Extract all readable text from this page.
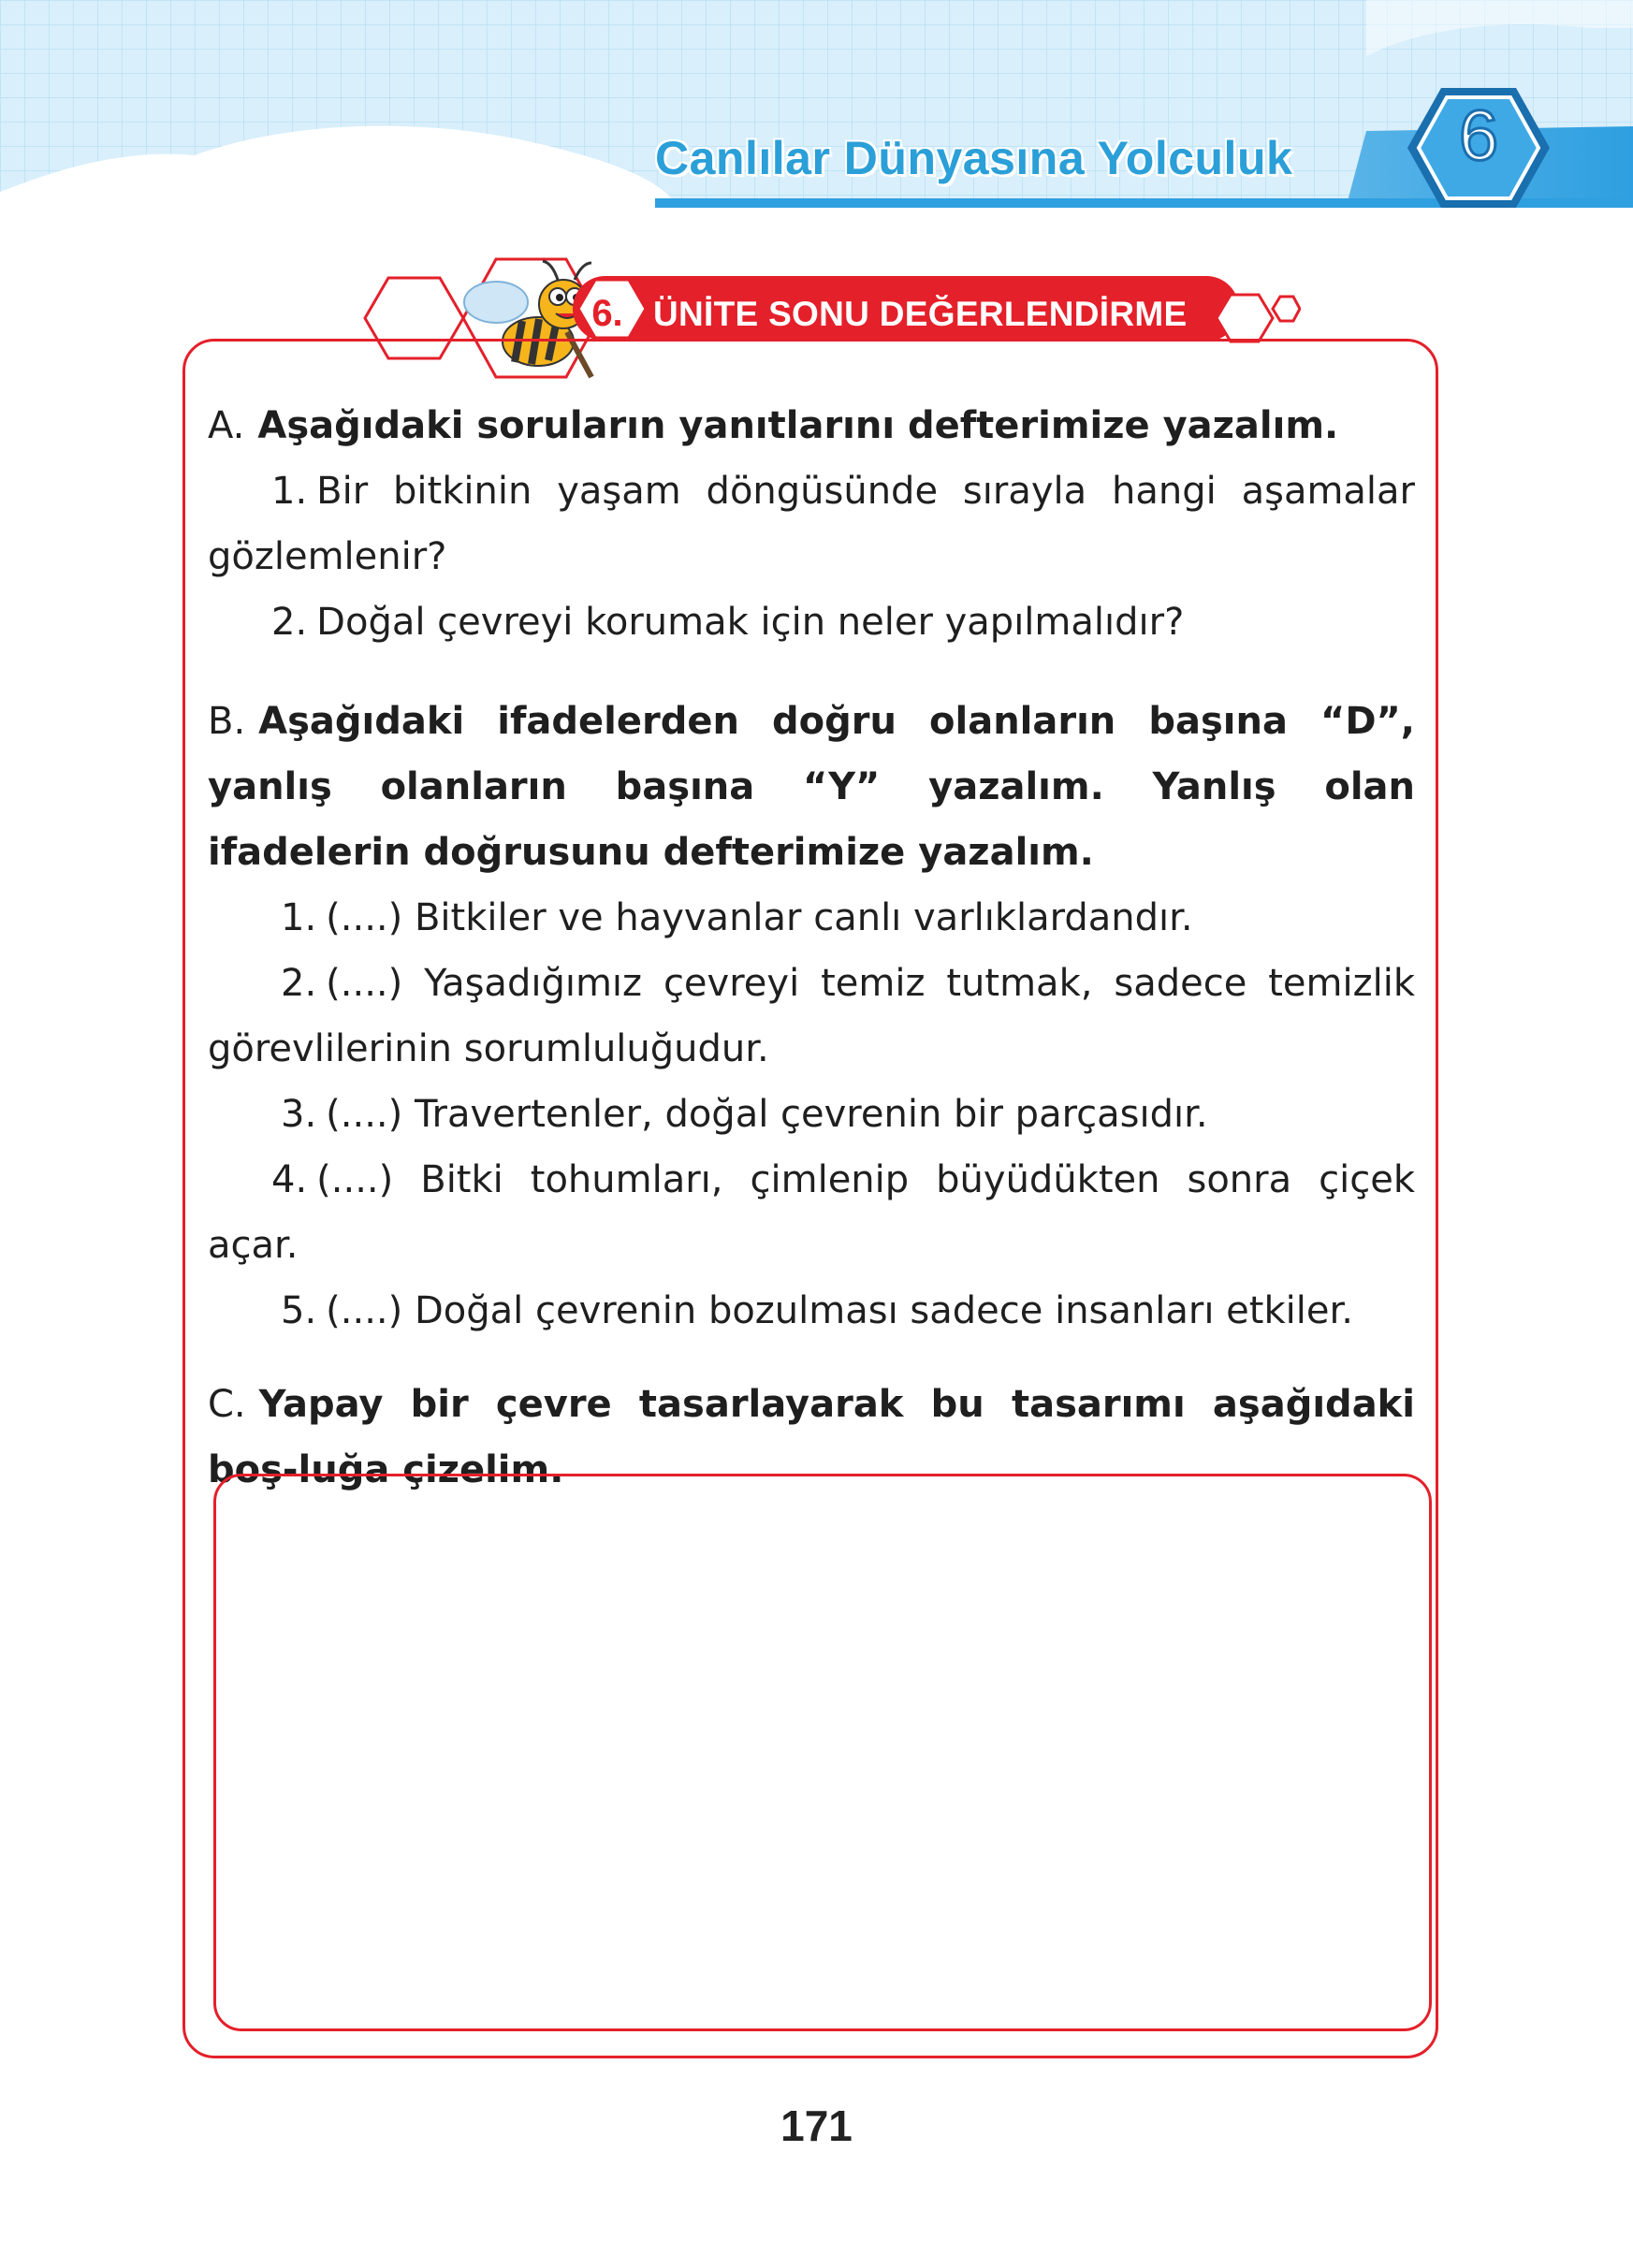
Canlılar Dünyasına Yolculuk	6
6. ÜNİTE SONU DEĞERLENDİRME

A. Aşağıdaki soruların yanıtlarını defterimize yazalım.

1. Bir bitkinin yaşam döngüsünde sırayla hangi aşamalar gözlemlenir?

2. Doğal çevreyi korumak için neler yapılmalıdır?

B. Aşağıdaki ifadelerden doğru olanların başına “D”, yanlış olanların başına “Y” yazalım. Yanlış olan ifadelerin doğrusunu defterimize yazalım.

1. (....) Bitkiler ve hayvanlar canlı varlıklardandır.

2. (....) Yaşadığımız çevreyi temiz tutmak, sadece temizlik görevlilerinin sorumluluğudur.

3. (....) Travertenler, doğal çevrenin bir parçasıdır.

4. (....) Bitki tohumları, çimlenip büyüdükten sonra çiçek açar.

5. (....) Doğal çevrenin bozulması sadece insanları etkiler.

C. Yapay bir çevre tasarlayarak bu tasarımı aşağıdaki boş-luğa çizelim.

171
